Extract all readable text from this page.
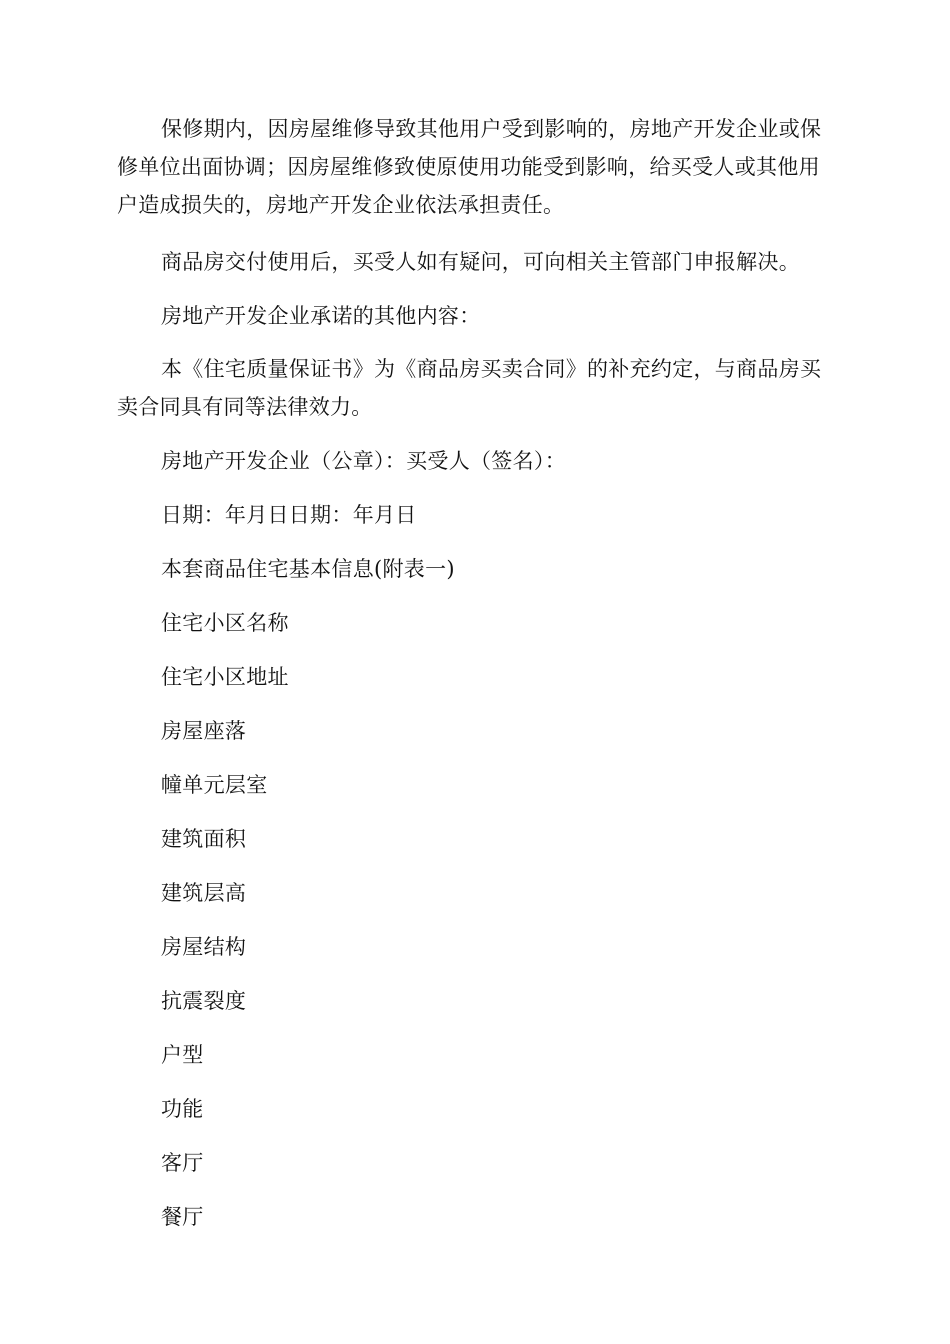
保修期内，因房屋维修导致其他用户受到影响的，房地产开发企业或保修单位出面协调；因房屋维修致使原使用功能受到影响，给买受人或其他用户造成损失的，房地产开发企业依法承担责任。

商品房交付使用后，买受人如有疑问，可向相关主管部门申报解决。

房地产开发企业承诺的其他内容：

本《住宅质量保证书》为《商品房买卖合同》的补充约定，与商品房买卖合同具有同等法律效力。

房地产开发企业（公章）：买受人（签名）：

日期：年月日日期：年月日

本套商品住宅基本信息(附表一)

住宅小区名称

住宅小区地址

房屋座落

幢单元层室

建筑面积

建筑层高

房屋结构

抗震裂度

户型

功能

客厅

餐厅
